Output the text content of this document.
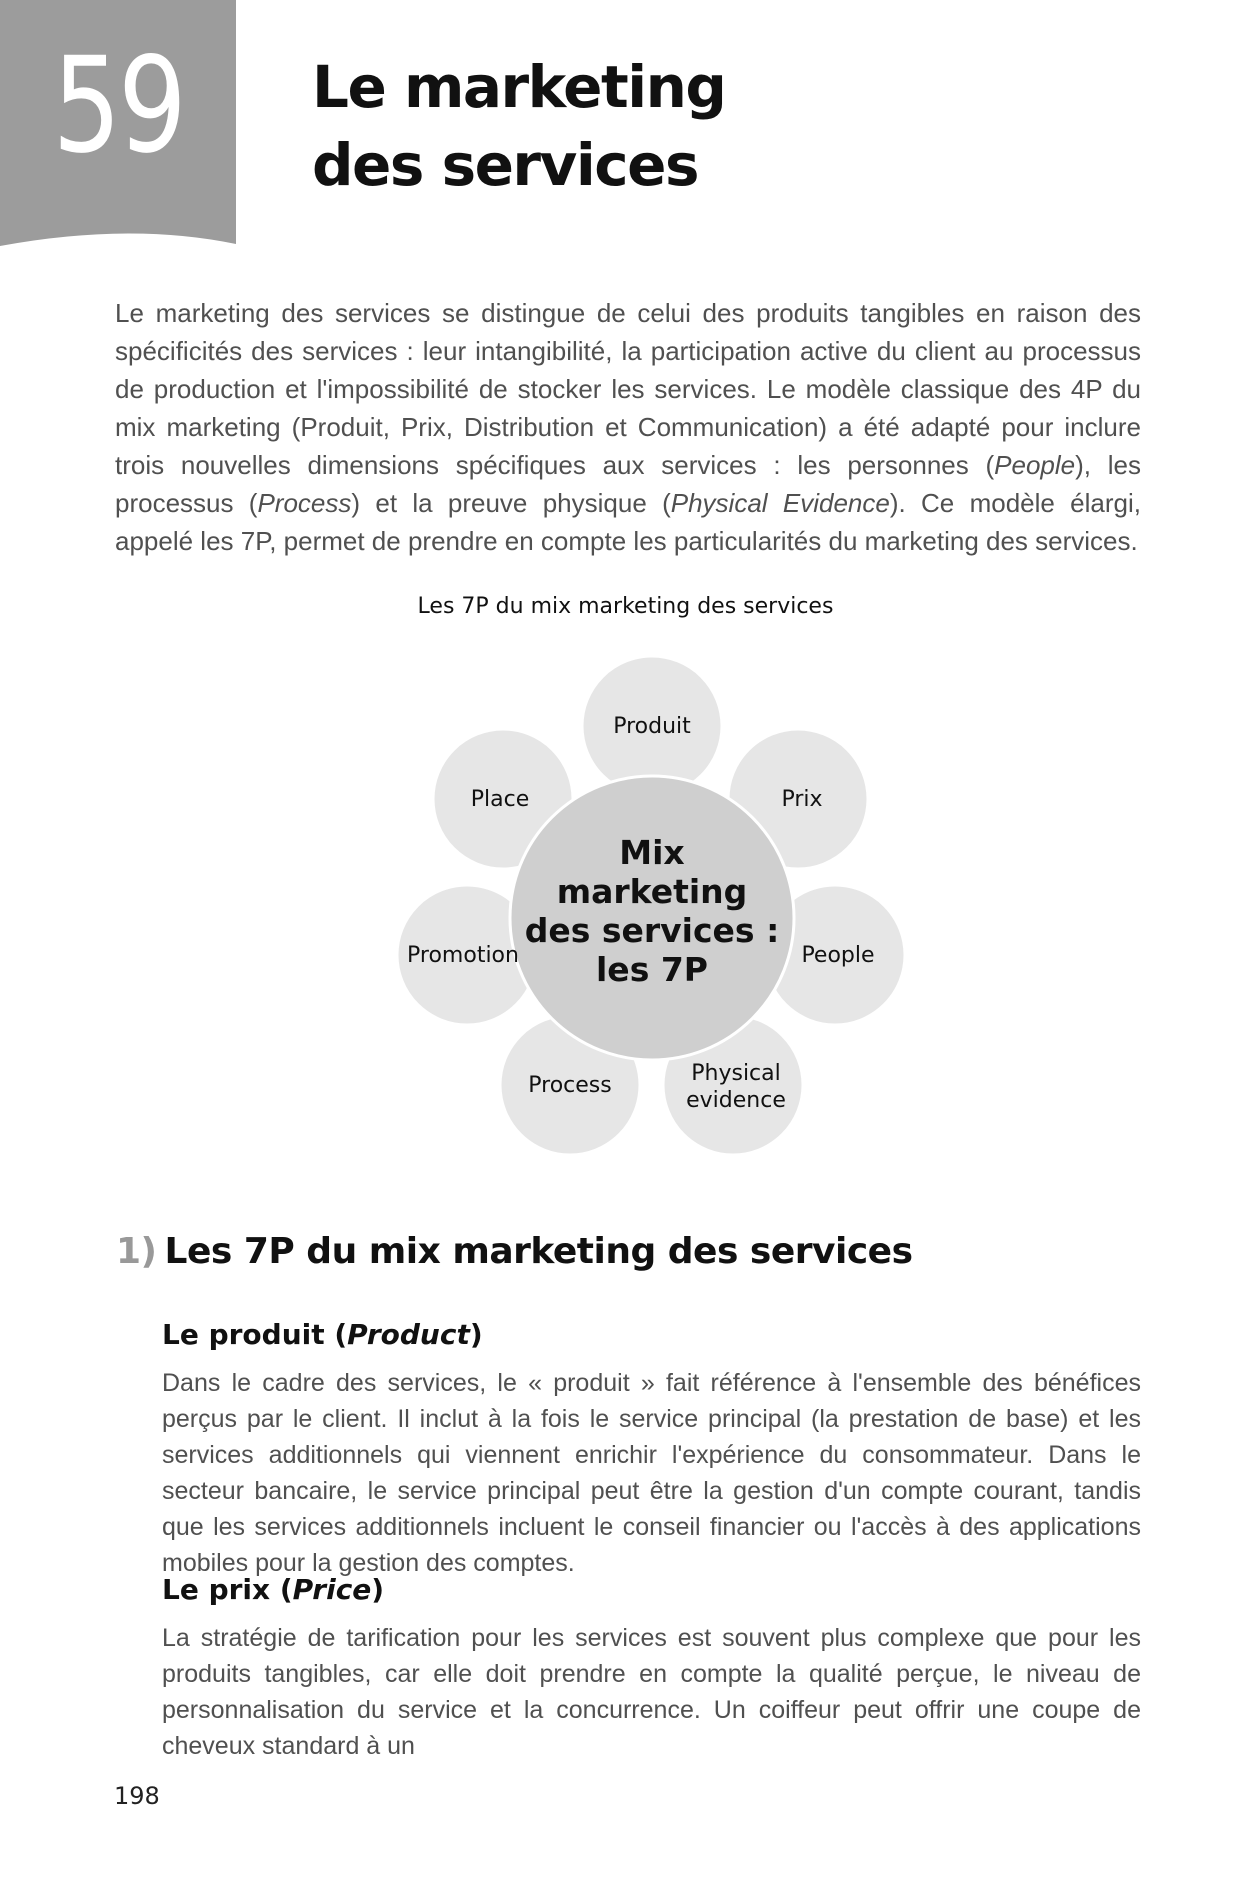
59	Le marketing
des services

Le marketing des services se distingue de celui des produits tangibles en raison des spécificités des services : leur intangibilité, la participation active du client au processus de production et l'impossibilité de stocker les services. Le modèle classique des 4P du mix marketing (Produit, Prix, Distribution et Communication) a été adapté pour inclure trois nouvelles dimensions spécifiques aux services : les personnes (People), les processus (Process) et la preuve physique (Physical Evidence). Ce modèle élargi, appelé les 7P, permet de prendre en compte les particularités du marketing des services.

Les 7P du mix marketing des services
Produit
Prix
People
Physical
evidence
Process
Promotion
Place
Mix
marketing
des services :
les 7P
1) Les 7P du mix marketing des services
Le produit (Product)

Dans le cadre des services, le « produit » fait référence à l'ensemble des bénéfices perçus par le client. Il inclut à la fois le service principal (la prestation de base) et les services additionnels qui viennent enrichir l'expérience du consommateur. Dans le secteur bancaire, le service principal peut être la gestion d'un compte courant, tandis que les services additionnels incluent le conseil financier ou l'accès à des applications mobiles pour la gestion des comptes.

Le prix (Price)

La stratégie de tarification pour les services est souvent plus complexe que pour les produits tangibles, car elle doit prendre en compte la qualité perçue, le niveau de personnalisation du service et la concurrence. Un coiffeur peut offrir une coupe de cheveux standard à un

198
